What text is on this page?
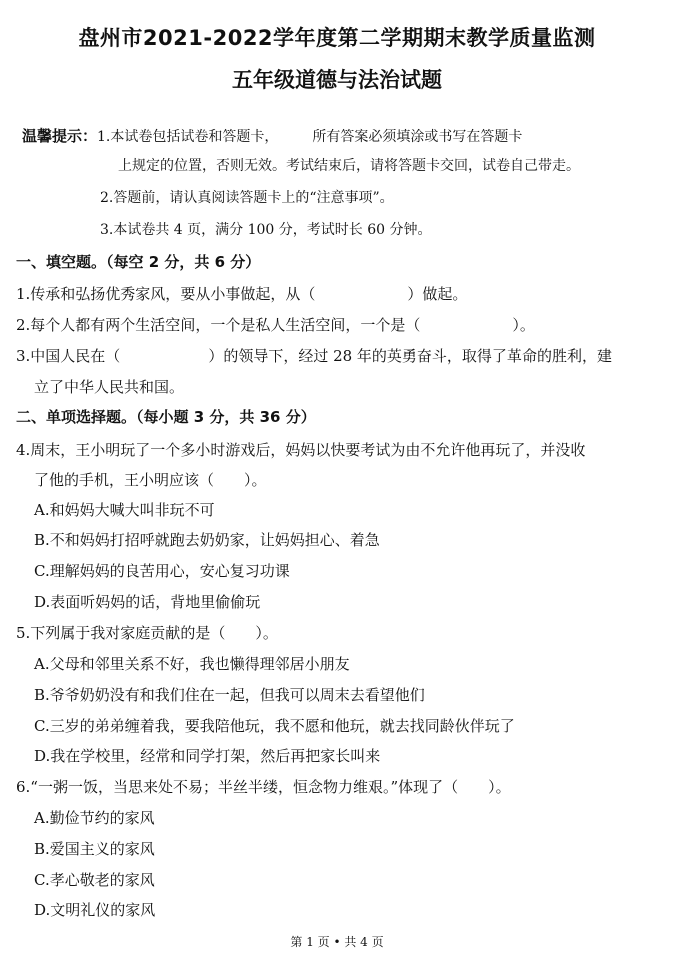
盘州市2021-2022学年度第二学期期末教学质量监测
五年级道德与法治试题
温馨提示：1.本试卷包括试卷和答题卡， 所有答案必须填涂或书写在答题卡
上规定的位置，否则无效。考试结束后，请将答题卡交回，试卷自己带走。
2.答题前，请认真阅读答题卡上的“注意事项”。
3.本试卷共 4 页，满分 100 分，考试时长 60 分钟。
一、填空题。（每空 2 分，共 6 分）
1.传承和弘扬优秀家风，要从小事做起，从（	）做起。
2.每个人都有两个生活空间，一个是私人生活空间，一个是（	）。
3.中国人民在（	）的领导下，经过 28 年的英勇奋斗，取得了革命的胜利，建
立了中华人民共和国。
二、单项选择题。（每小题 3 分，共 36 分）
4.周末，王小明玩了一个多小时游戏后，妈妈以快要考试为由不允许他再玩了，并没收
了他的手机，王小明应该（　　）。
A.和妈妈大喊大叫非玩不可
B.不和妈妈打招呼就跑去奶奶家，让妈妈担心、着急
C.理解妈妈的良苦用心，安心复习功课
D.表面听妈妈的话，背地里偷偷玩
5.下列属于我对家庭贡献的是（　　）。
A.父母和邻里关系不好，我也懒得理邻居小朋友
B.爷爷奶奶没有和我们住在一起，但我可以周末去看望他们
C.三岁的弟弟缠着我，要我陪他玩，我不愿和他玩，就去找同龄伙伴玩了
D.我在学校里，经常和同学打架，然后再把家长叫来
6.“一粥一饭，当思来处不易；半丝半缕，恒念物力维艰。”体现了（　　）。
A.勤俭节约的家风
B.爱国主义的家风
C.孝心敬老的家风
D.文明礼仪的家风
第 1 页 • 共 4 页
